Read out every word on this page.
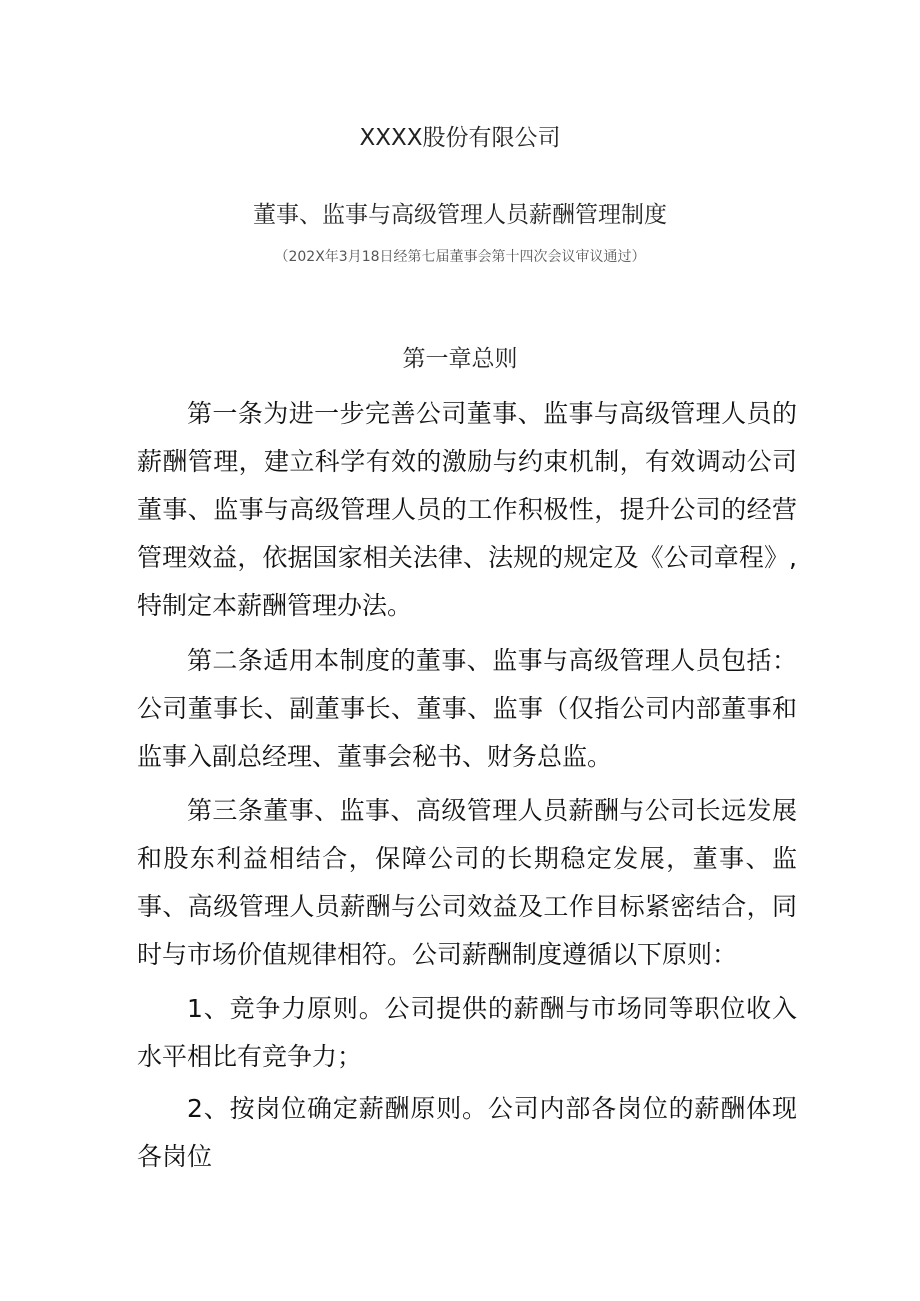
XXXX股份有限公司
董事、监事与高级管理人员薪酬管理制度
（202X年3月18日经第七届董事会第十四次会议审议通过）
第一章总则
第一条为进一步完善公司董事、监事与高级管理人员的薪酬管理，建立科学有效的激励与约束机制，有效调动公司董事、监事与高级管理人员的工作积极性，提升公司的经营管理效益，依据国家相关法律、法规的规定及《公司章程》,特制定本薪酬管理办法。
第二条适用本制度的董事、监事与高级管理人员包括：公司董事长、副董事长、董事、监事（仅指公司内部董事和监事入副总经理、董事会秘书、财务总监。
第三条董事、监事、高级管理人员薪酬与公司长远发展和股东利益相结合，保障公司的长期稳定发展，董事、监事、高级管理人员薪酬与公司效益及工作目标紧密结合，同时与市场价值规律相符。公司薪酬制度遵循以下原则：
1、竞争力原则。公司提供的薪酬与市场同等职位收入水平相比有竞争力；
2、按岗位确定薪酬原则。公司内部各岗位的薪酬体现各岗位
